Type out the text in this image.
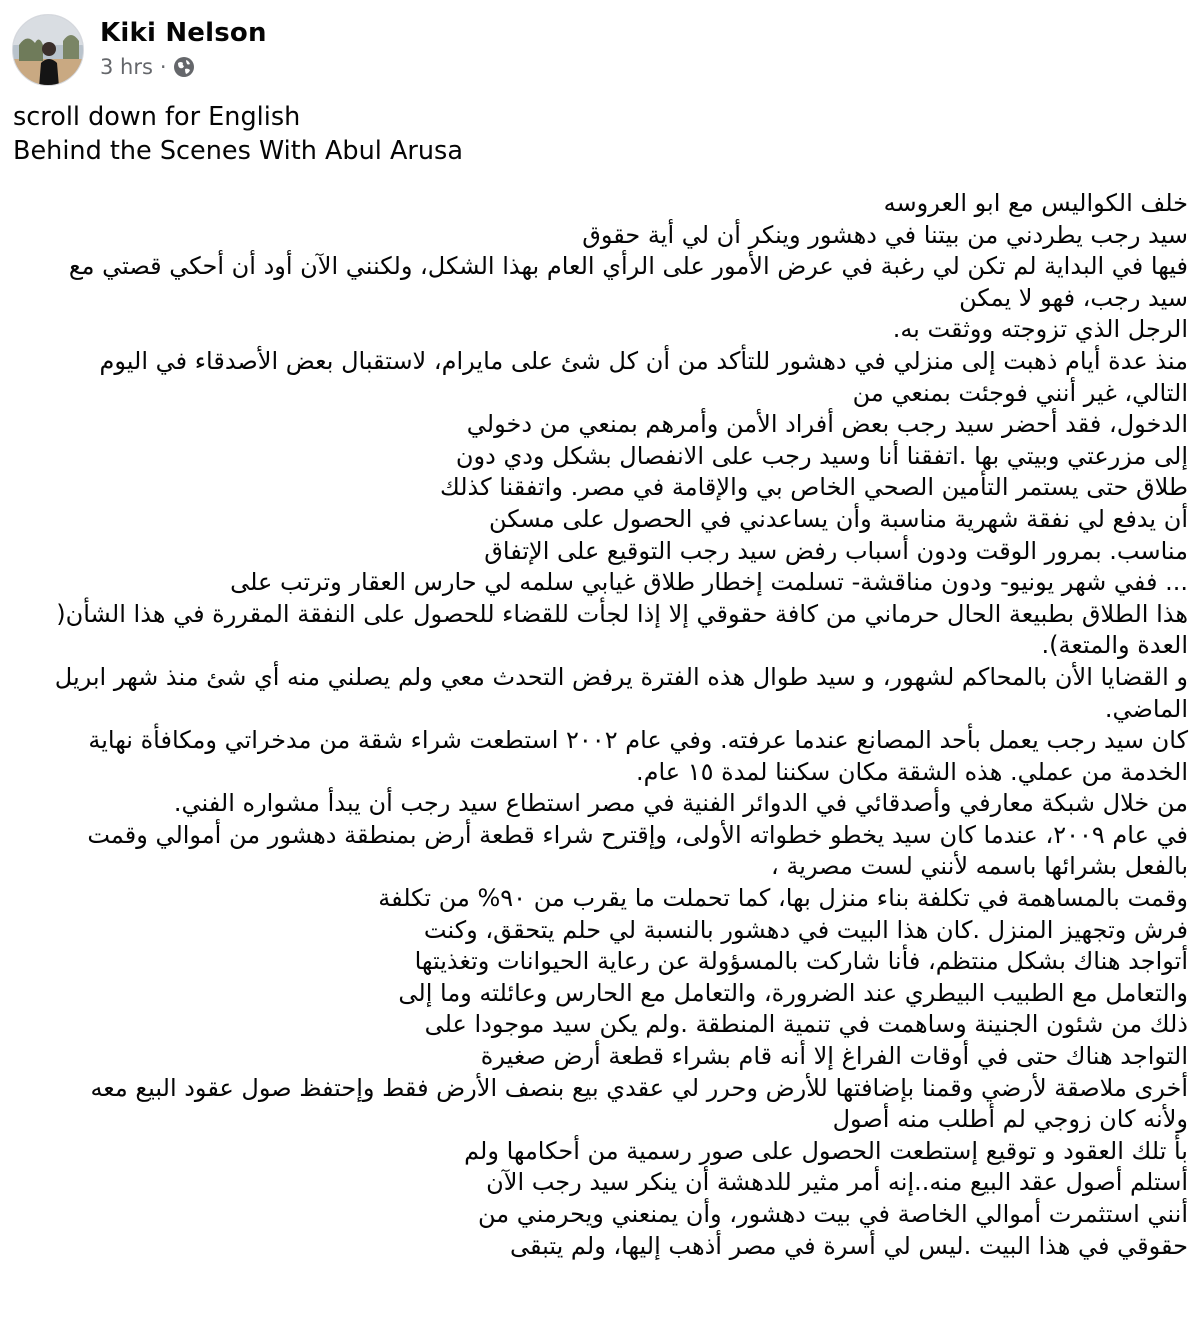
Kiki Nelson
3 hrs ·
scroll down for English
Behind the Scenes With Abul Arusa
خلف الكواليس مع ابو العروسه
سيد رجب يطردني من بيتنا في دهشور وينكر أن لي أية حقوق
فيها في البداية لم تكن لي رغبة في عرض الأمور على الرأي العام بهذا الشكل، ولكنني الآن أود أن أحكي قصتي مع
سيد رجب، فهو لا يمكن
الرجل الذي تزوجته ووثقت به.
منذ عدة أيام ذهبت إلى منزلي في دهشور للتأكد من أن كل شئ على مايرام، لاستقبال بعض الأصدقاء في اليوم
التالي، غير أنني فوجئت بمنعي من
الدخول، فقد أحضر سيد رجب بعض أفراد الأمن وأمرهم بمنعي من دخولي
إلى مزرعتي وبيتي بها .اتفقنا أنا وسيد رجب على الانفصال بشكل ودي دون
طلاق حتى يستمر التأمين الصحي الخاص بي والإقامة في مصر. واتفقنا كذلك
أن يدفع لي نفقة شهرية مناسبة وأن يساعدني في الحصول على مسكن
مناسب. بمرور الوقت ودون أسباب رفض سيد رجب التوقيع على الإتفاق
... ففي شهر يونيو- ودون مناقشة- تسلمت إخطار طلاق غيابي سلمه لي حارس العقار وترتب على
هذا الطلاق بطبيعة الحال حرماني من كافة حقوقي إلا إذا لجأت للقضاء للحصول على النفقة المقررة في هذا الشأن(
العدة والمتعة).
و القضايا الأن بالمحاكم لشهور، و سيد طوال هذه الفترة يرفض التحدث معي ولم يصلني منه أي شئ منذ شهر ابريل
الماضي.
كان سيد رجب يعمل بأحد المصانع عندما عرفته. وفي عام ٢٠٠٢ استطعت شراء شقة من مدخراتي ومكافأة نهاية
الخدمة من عملي. هذه الشقة مكان سكننا لمدة ١٥ عام.
من خلال شبكة معارفي وأصدقائي في الدوائر الفنية في مصر استطاع سيد رجب أن يبدأ مشواره الفني.
في عام ٢٠٠٩، عندما كان سيد يخطو خطواته الأولى، وإقترح شراء قطعة أرض بمنطقة دهشور من أموالي وقمت
بالفعل بشرائها باسمه لأنني لست مصرية ،
وقمت بالمساهمة في تكلفة بناء منزل بها، كما تحملت ما يقرب من ٩٠% من تكلفة
فرش وتجهيز المنزل .كان هذا البيت في دهشور بالنسبة لي حلم يتحقق، وكنت
أتواجد هناك بشكل منتظم، فأنا شاركت بالمسؤولة عن رعاية الحيوانات وتغذيتها
والتعامل مع الطبيب البيطري عند الضرورة، والتعامل مع الحارس وعائلته وما إلى
ذلك من شئون الجنينة وساهمت في تنمية المنطقة .ولم يكن سيد موجودا على
التواجد هناك حتى في أوقات الفراغ إلا أنه قام بشراء قطعة أرض صغيرة
أخرى ملاصقة لأرضي وقمنا بإضافتها للأرض وحرر لي عقدي بيع بنصف الأرض فقط وإحتفظ صول عقود البيع معه
ولأنه كان زوجي لم أطلب منه أصول
بأ تلك العقود و توقيع إستطعت الحصول على صور رسمية من أحكامها ولم
أستلم أصول عقد البيع منه..إنه أمر مثير للدهشة أن ينكر سيد رجب الآن
أنني استثمرت أموالي الخاصة في بيت دهشور، وأن يمنعني ويحرمني من
حقوقي في هذا البيت .ليس لي أسرة في مصر أذهب إليها، ولم يتبقى
